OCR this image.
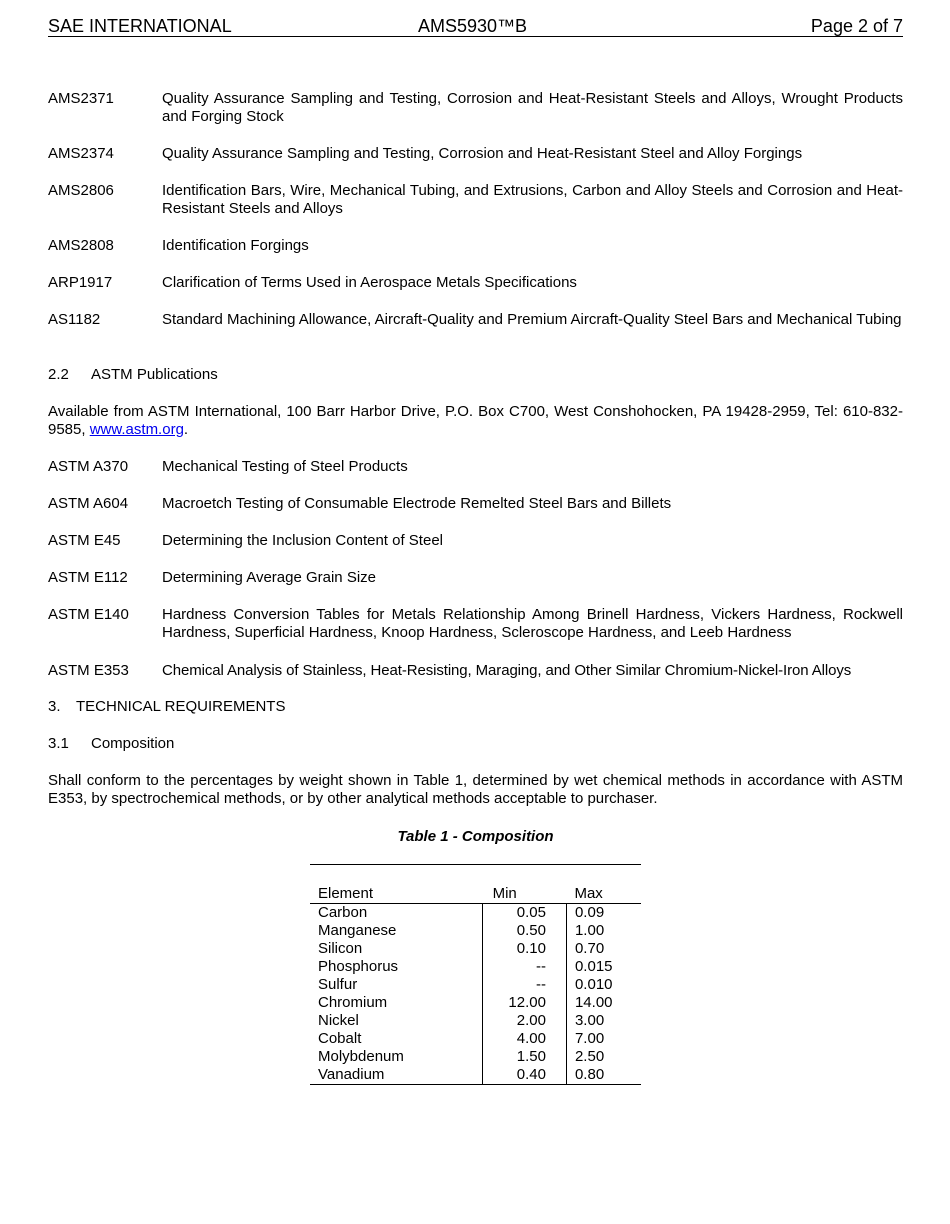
SAE INTERNATIONAL	AMS5930™B	Page 2 of 7
AMS2371	Quality Assurance Sampling and Testing, Corrosion and Heat-Resistant Steels and Alloys, Wrought Products and Forging Stock
AMS2374	Quality Assurance Sampling and Testing, Corrosion and Heat-Resistant Steel and Alloy Forgings
AMS2806	Identification Bars, Wire, Mechanical Tubing, and Extrusions, Carbon and Alloy Steels and Corrosion and Heat-Resistant Steels and Alloys
AMS2808	Identification Forgings
ARP1917	Clarification of Terms Used in Aerospace Metals Specifications
AS1182	Standard Machining Allowance, Aircraft-Quality and Premium Aircraft-Quality Steel Bars and Mechanical Tubing
2.2 ASTM Publications
Available from ASTM International, 100 Barr Harbor Drive, P.O. Box C700, West Conshohocken, PA 19428-2959, Tel: 610-832-9585, www.astm.org.
ASTM A370	Mechanical Testing of Steel Products
ASTM A604	Macroetch Testing of Consumable Electrode Remelted Steel Bars and Billets
ASTM E45	Determining the Inclusion Content of Steel
ASTM E112	Determining Average Grain Size
ASTM E140	Hardness Conversion Tables for Metals Relationship Among Brinell Hardness, Vickers Hardness, Rockwell Hardness, Superficial Hardness, Knoop Hardness, Scleroscope Hardness, and Leeb Hardness
ASTM E353	Chemical Analysis of Stainless, Heat-Resisting, Maraging, and Other Similar Chromium-Nickel-Iron Alloys
3. TECHNICAL REQUIREMENTS
3.1 Composition
Shall conform to the percentages by weight shown in Table 1, determined by wet chemical methods in accordance with ASTM E353, by spectrochemical methods, or by other analytical methods acceptable to purchaser.
Table 1 - Composition
Element	Min	Max
Carbon	0.05	0.09
Manganese	0.50	1.00
Silicon	0.10	0.70
Phosphorus	--	0.015
Sulfur	--	0.010
Chromium	12.00	14.00
Nickel	2.00	3.00
Cobalt	4.00	7.00
Molybdenum	1.50	2.50
Vanadium	0.40	0.80
